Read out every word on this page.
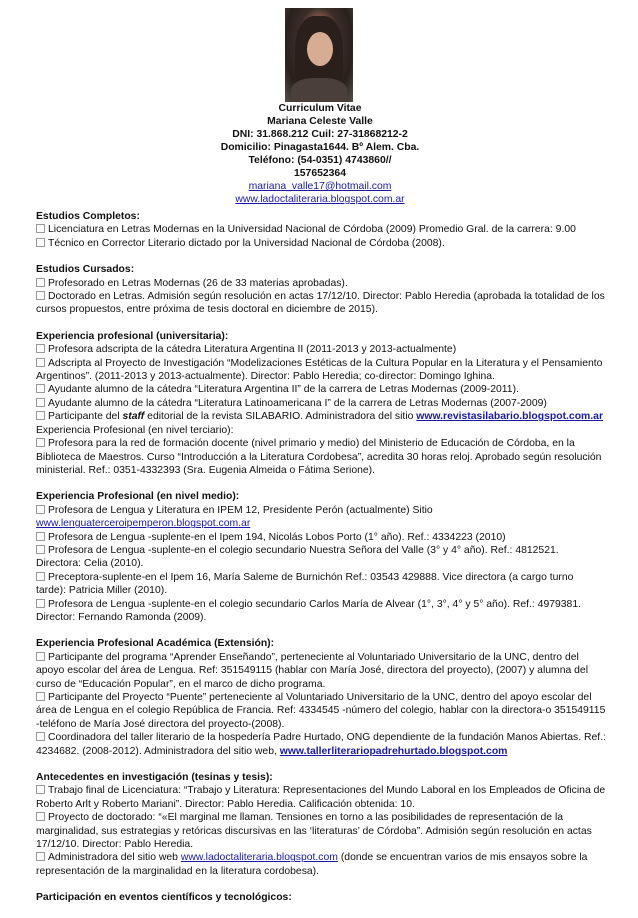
Curriculum Vitae
Mariana Celeste Valle
DNI: 31.868.212 Cuil: 27-31868212-2
Domicilio: Pinagasta1644. Bº Alem. Cba.
Teléfono: (54-0351) 4743860//
157652364
mariana_valle17@hotmail.com
www.ladoctaliteraria.blogspot.com.ar
Estudios Completos:
Licenciatura en Letras Modernas en la Universidad Nacional de Córdoba (2009) Promedio Gral. de la carrera: 9.00
Técnico en Corrector Literario dictado por la Universidad Nacional de Córdoba (2008).
Estudios Cursados:
Profesorado en Letras Modernas (26 de 33 materias aprobadas).
Doctorado en Letras. Admisión según resolución en actas 17/12/10. Director: Pablo Heredia (aprobada la totalidad de los cursos propuestos, entre próxima de tesis doctoral en diciembre de 2015).
Experiencia profesional (universitaria):
Profesora adscripta de la cátedra Literatura Argentina II (2011-2013 y 2013-actualmente)
Adscripta al Proyecto de Investigación “Modelizaciones Estéticas de la Cultura Popular en la Literatura y el Pensamiento Argentinos”. (2011-2013 y 2013-actualmente). Director: Pablo Heredia; co-director: Domingo Ighina.
Ayudante alumno de la cátedra “Literatura Argentina II” de la carrera de Letras Modernas (2009-2011).
Ayudante alumno de la cátedra “Literatura Latinoamericana I” de la carrera de Letras Modernas (2007-2009)
Participante del staff editorial de la revista SILABARIO. Administradora del sitio www.revistasilabario.blogspot.com.ar
Experiencia Profesional (en nivel terciario):
Profesora para la red de formación docente (nivel primario y medio) del Ministerio de Educación de Córdoba, en la Biblioteca de Maestros. Curso “Introducción a la Literatura Cordobesa”, acredita 30 horas reloj. Aprobado según resolución ministerial. Ref.: 0351-4332393 (Sra. Eugenia Almeida o Fátima Serione).
Experiencia Profesional (en nivel medio):
Profesora de Lengua y Literatura en IPEM 12, Presidente Perón (actualmente) Sitio
www.lenguaterceroipemperon.blogspot.com.ar
Profesora de Lengua -suplente-en el Ipem 194, Nicolás Lobos Porto (1° año). Ref.: 4334223 (2010)
Profesora de Lengua -suplente-en el colegio secundario Nuestra Señora del Valle (3° y 4° año). Ref.: 4812521. Directora: Celia (2010).
Preceptora-suplente-en el Ipem 16, María Saleme de Burnichón Ref.: 03543 429888. Vice directora (a cargo turno tarde): Patricia Miller (2010).
Profesora de Lengua -suplente-en el colegio secundario Carlos María de Alvear (1°, 3°, 4° y 5° año). Ref.: 4979381. Director: Fernando Ramonda (2009).
Experiencia Profesional Académica (Extensión):
Participante del programa “Aprender Enseñando”, perteneciente al Voluntariado Universitario de la UNC, dentro del apoyo escolar del área de Lengua. Ref: 351549115 (hablar con María José, directora del proyecto), (2007) y alumna del curso de “Educación Popular”, en el marco de dicho programa.
Participante del Proyecto “Puente” perteneciente al Voluntariado Universitario de la UNC, dentro del apoyo escolar del área de Lengua en el colegio República de Francia. Ref: 4334545 -número del colegio, hablar con la directora-o 351549115 -teléfono de María José directora del proyecto-(2008).
Coordinadora del taller literario de la hospedería Padre Hurtado, ONG dependiente de la fundación Manos Abiertas. Ref.: 4234682. (2008-2012). Administradora del sitio web, www.tallerliterariopadrehurtado.blogspot.com
Antecedentes en investigación (tesinas y tesis):
Trabajo final de Licenciatura: “Trabajo y Literatura: Representaciones del Mundo Laboral en los Empleados de Oficina de Roberto Arlt y Roberto Mariani”. Director: Pablo Heredia. Calificación obtenida: 10.
Proyecto de doctorado: “«El marginal me llaman. Tensiones en torno a las posibilidades de representación de la marginalidad, sus estrategias y retóricas discursivas en las ‘literaturas’ de Córdoba”. Admisión según resolución en actas 17/12/10. Director: Pablo Heredia.
Administradora del sitio web www.ladoctaliteraria.blogspot.com (donde se encuentran varios de mis ensayos sobre la representación de la marginalidad en la literatura cordobesa).
Participación en eventos científicos y tecnológicos:
